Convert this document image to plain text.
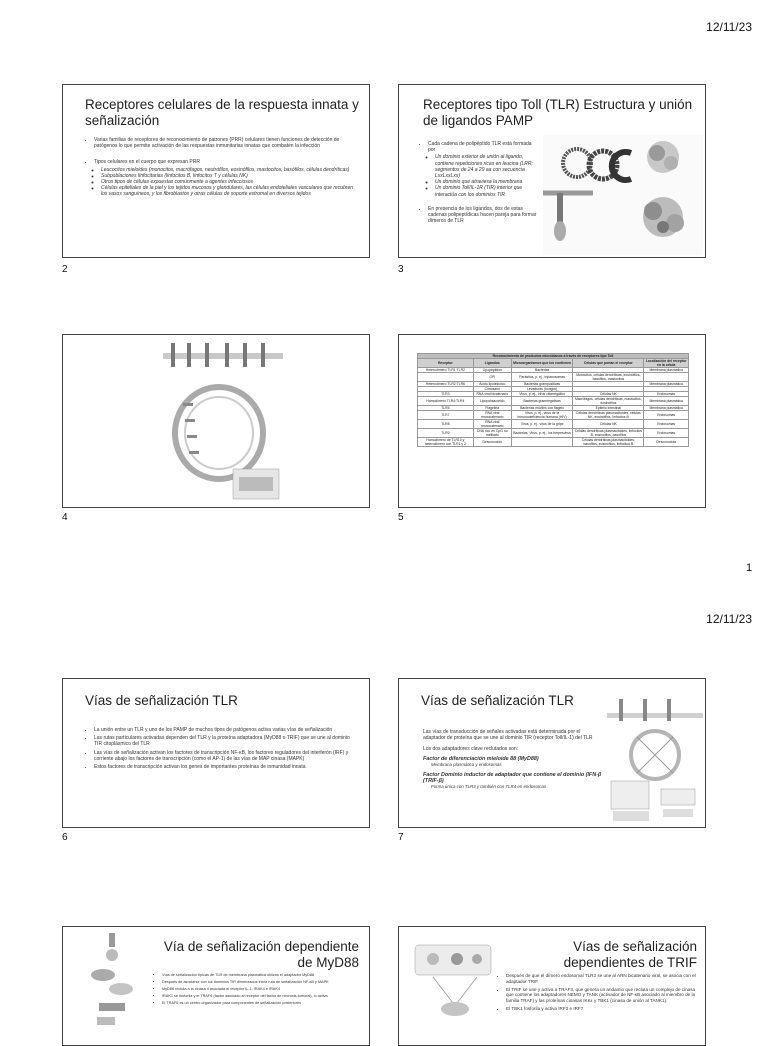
12/11/23
Receptores celulares de la respuesta innata y señalización
• Varias familias de receptores de reconocimiento de patrones (PRR) celulares tienen funciones de detección de patógenos lo que permite activación de las respuestas inmunitarias innatas que combaten la infección
• Tipos celulares en el cuerpo que expresan PRR
◦ Leucocitos mieloides (monocitos, macrófagos, neutrófilos, eosinófilos, mastocitos, basófilos, células dendríticas)
◦ Subpoblaciones linfocitarias (linfocitos B, linfocitos T y células NK)
◦ Otros tipos de células expuestas comúnmente a agentes infecciosos
◦ Células epiteliales de la piel y los tejidos mucosos y glandulares, las células endoteliales vasculares que recubren los vasos sanguíneos, y los fibroblastos y otras células de soporte estromal en diversos tejidos
2
Receptores tipo Toll (TLR) Estructura y unión de ligandos PAMP
• Cada cadena de polipéptido TLR está formada por
◦ Un dominio exterior de unión al ligando, contiene repeticiones ricas en leucina (LRR; segmentos de 24 a 29 aa con secuencia LxxLxxLxx)
◦ Un dominio que atraviesa la membrana
◦ Un dominio Toll/IL-1R (TIR) interior que interactúa con los dominios TIR
• En presencia de los ligandos, dos de estas cadenas polipeptídicas hacen pareja para formar dímeros de TLR
3
4
Reconocimiento de productos microbianos a través de receptores tipo Toll				
Receptor	Ligandos	Microorganismos que los contienen	Células que portan el receptor	Localización del receptor en la célula
Heterodímero TLR1:TLR2	Lipopéptidos	Bacterias		Membrana plasmática
	GPI	Parásitos, p. ej., tripanosomas	Monocitos, células dendríticas, eosinófilos, basófilos, mastocitos	
Heterodímero TLR2:TLR6	Ácido lipoteicoico	Bacterias grampositivas		Membrana plasmática
	Cimosano	Levaduras (hongos)		
TLR3	RNA viral bicatenario	Virus, p. ej., virus citomegálico	Células NK	Endosomas
Homodímero TLR4:TLR4	Lipopolisacárido	Bacterias gramnegativas	Macrófagos, células dendríticas, mastocitos, eosinófilos	Membrana plasmática
TLR5	Flagelina	Bacterias móviles con flagelo	Epitelio intestinal	Membrana plasmática
TLR7	RNA viral monocatenario	Virus, p. ej., virus de la inmunodeficiencia humana (HIV)	Células dendríticas plasmacitoides, células NK, eosinófilos, linfocitos B	Endosomas
TLR8	RNA viral monocatenario	Virus, p. ej., virus de la gripe	Células NK	Endosomas
TLR9	DNA rico en CpG no metilado	Bacterias, Virus, p. ej., los herpesvirus	Células dendríticas plasmacitoides, linfocitos B, eosinófilos, basófilos	Endosomas
Homodímero de TLR10 y heterodímero con TLR1 y 2	Desconocido		Células dendríticas plasmacitoides, basófilos, eosinófilos, linfocitos B	Desconocida
5
1
12/11/23
Vías de señalización TLR
• La unión entre un TLR y uno de los PAMP de muchos tipos de patógenos activa varias vías de señalización
• Las rutas particulares activadas dependen del TLR y la proteína adaptadora (MyD88 o TRIF) que se une al dominio TIR citoplásmico del TLR
• Las vías de señalización activan los factores de transcripción NF-κB, los factores reguladores del interferón (IRF) y corriente abajo los factores de transcripción (como el AP-1) de las vías de MAP cinasa (MAPK)
• Estos factores de transcripción activan los genes de importantes proteínas de inmunidad innata
6
Vías de señalización TLR

Las vías de transducción de señales activadas está determinada por el adaptador de proteína que se une al dominio TIR (receptor Toll/IL-1) del TLR

Los dos adaptadores clave reclutados son:

Factor de diferenciación mieloide 88 (MyD88)
Membrana plasmática y endosomas
Factor Dominio inductor de adaptador que contiene el dominio (IFN-β (TRIF-β)
Forma única con TLR3 y también con TLR4 en endosomas
7
Vía de señalización dependiente de MyD88
• Vías de señalización típicas de TLR de membrana plasmática utilizan el adaptador MyD88
• Después de asociarse con los dominios TIR dimerizados inicia ruta de señalización NF-κB y MAPK
• MyD88 recluta a la cinasa 4 asociada al receptor IL-1: IRAK4 e IRAK4
• IRAK1 se fosforila y el TRAF6 (factor asociado al receptor del factor de necrosis tumoral), lo activa
• El TRAF6 es un centro organizador para componentes de señalización posteriores
Vías de señalización dependientes de TRIF
• Después de que el dímero endosomal TLR3 se une al ARN bicatenario viral, se asocia con el adaptador TRIF
• El TRIF se une y activa a TRAF3, que genera un andamio que recluta un complejo de cinasa que contiene los adaptadores NEMO y TANK (activador de NF-κB asociado al miembro de la familia TRAF) y las proteínas cinasas IKKε y TBK1 (cinasa de unión al TANK1).
• El TBK1 fosforila y activa IRF3 e IRF7
